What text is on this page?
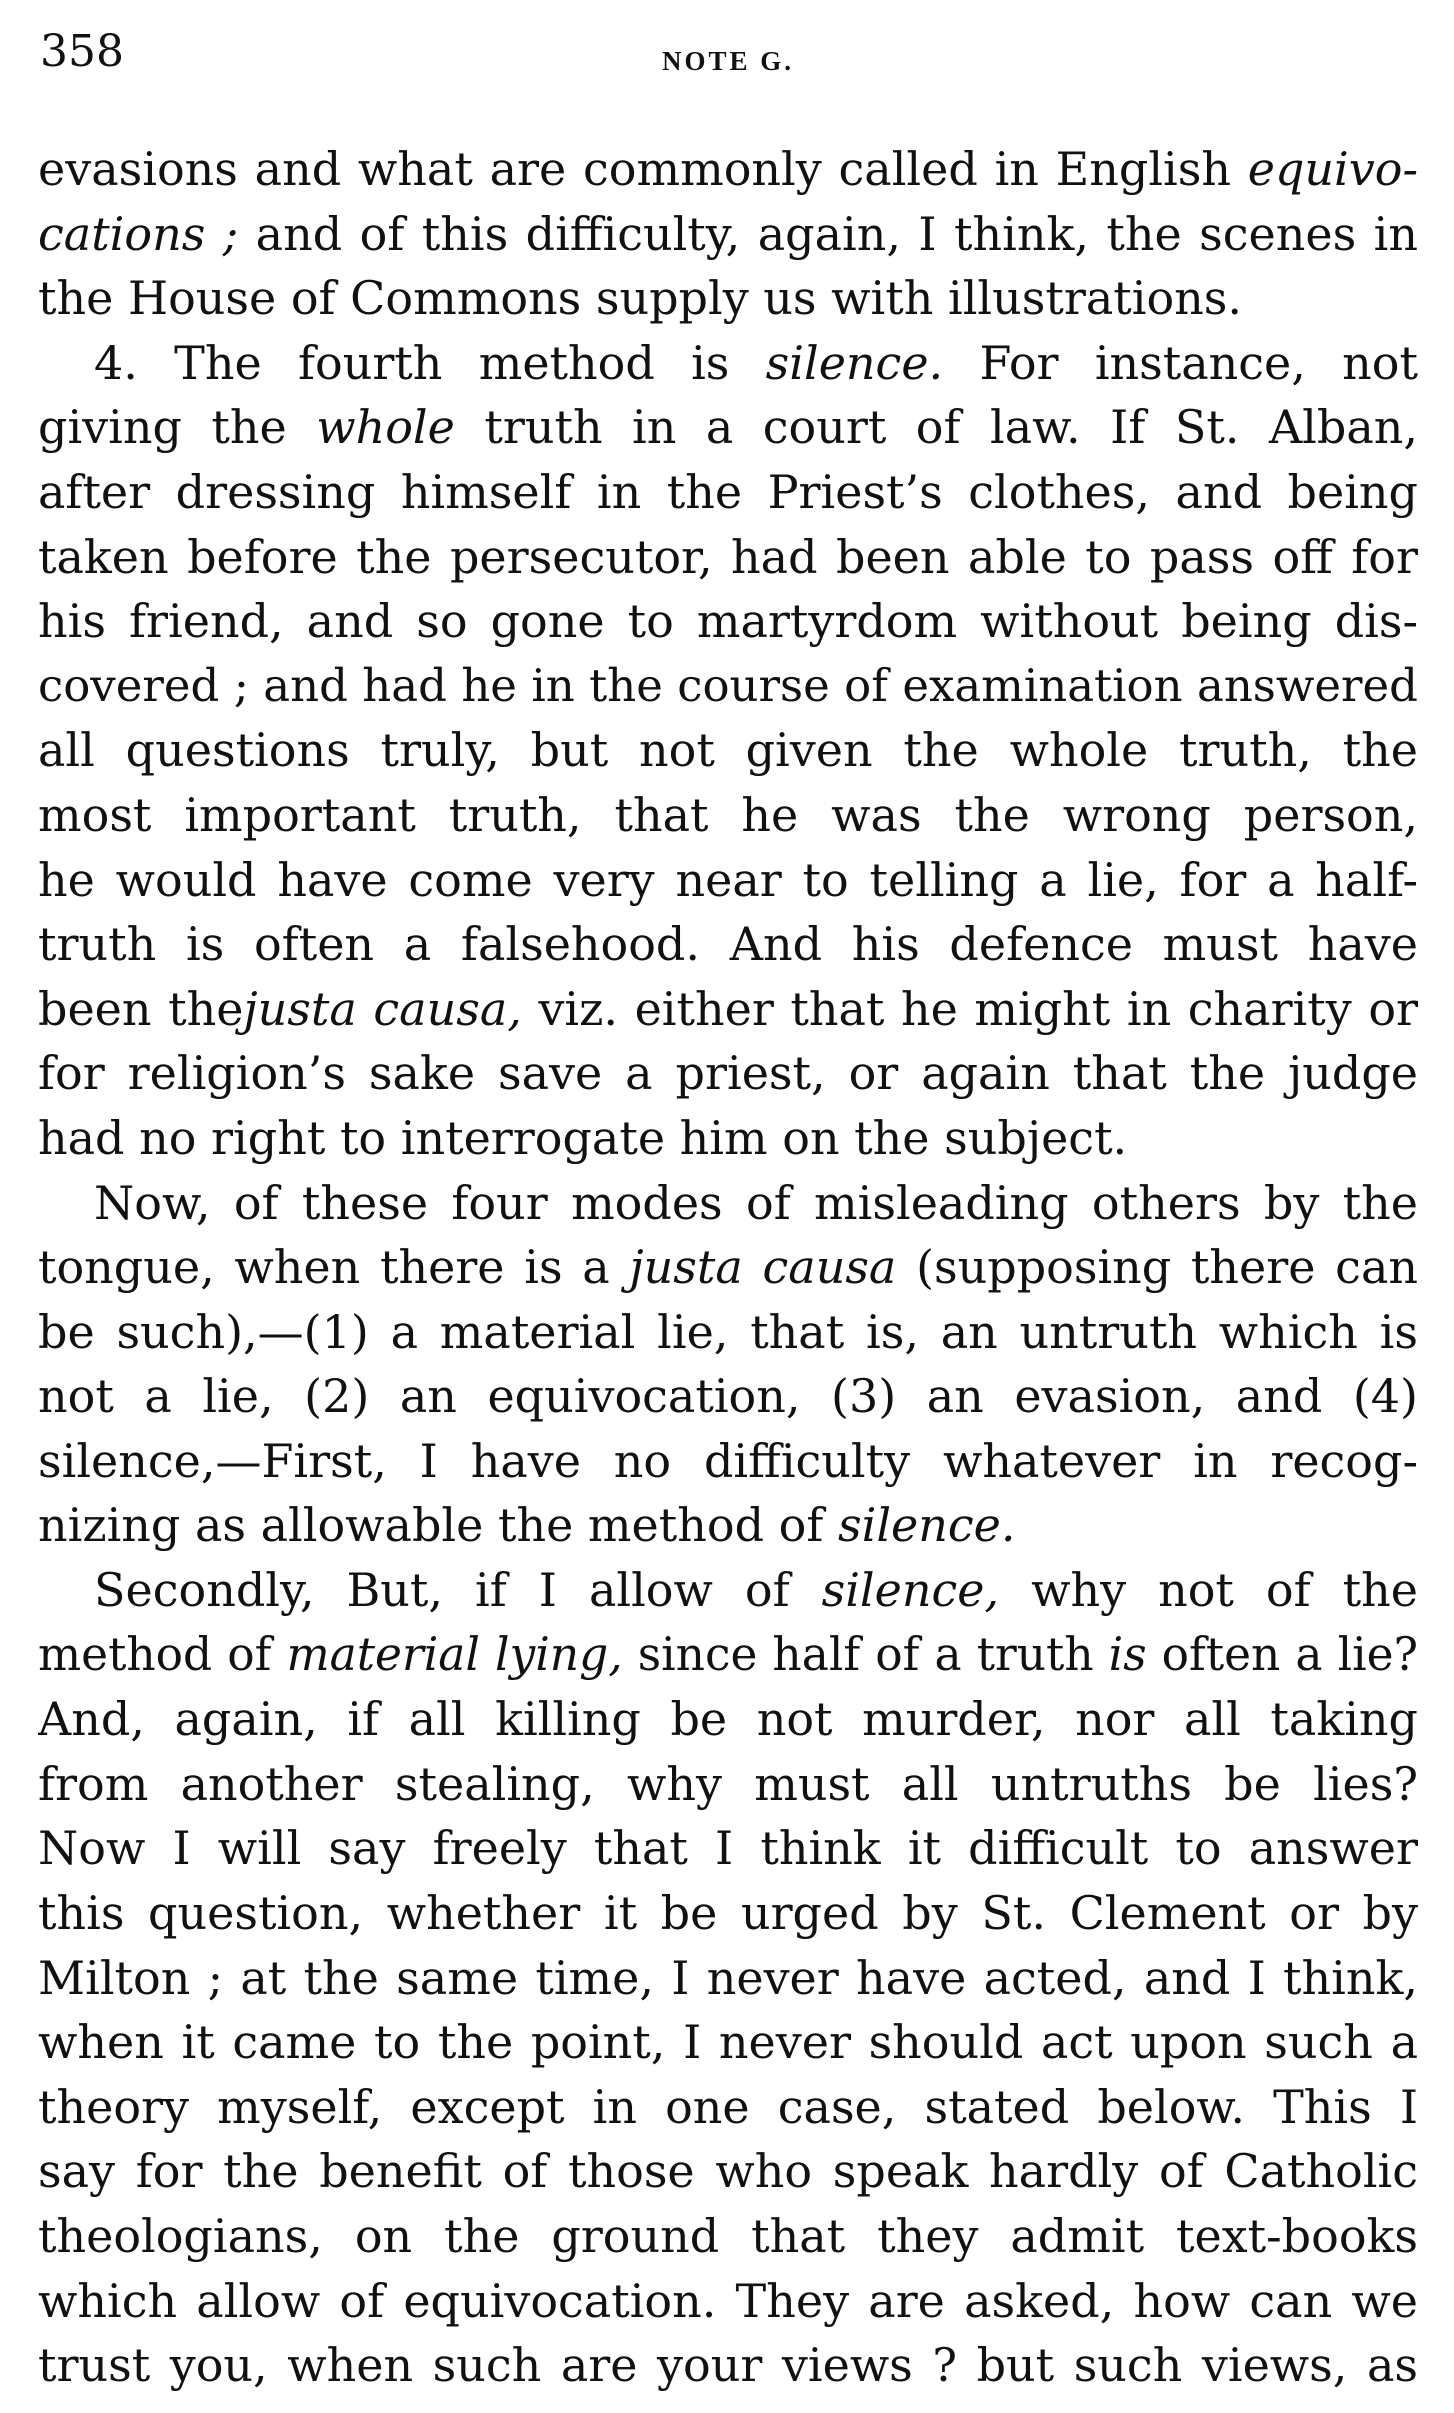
358	NOTE G.
evasions and what are commonly called in English equivo-
cations ; and of this difficulty, again, I think, the scenes in
the House of Commons supply us with illustrations.
4. The fourth method is silence. For instance, not
giving the whole truth in a court of law. If St. Alban,
after dressing himself in the Priest’s clothes, and being
taken before the persecutor, had been able to pass off for
his friend, and so gone to martyrdom without being dis-
covered ; and had he in the course of examination answered
all questions truly, but not given the whole truth, the
most important truth, that he was the wrong person,
he would have come very near to telling a lie, for a half-
truth is often a falsehood. And his defence must have
been thejusta causa, viz. either that he might in charity or
for religion’s sake save a priest, or again that the judge
had no right to interrogate him on the subject.
Now, of these four modes of misleading others by the
tongue, when there is a justa causa (supposing there can
be such),—(1) a material lie, that is, an untruth which is
not a lie, (2) an equivocation, (3) an evasion, and (4)
silence,—First, I have no difficulty whatever in recog-
nizing as allowable the method of silence.
Secondly, But, if I allow of silence, why not of the
method of material lying, since half of a truth is often a lie?
And, again, if all killing be not murder, nor all taking
from another stealing, why must all untruths be lies?
Now I will say freely that I think it difficult to answer
this question, whether it be urged by St. Clement or by
Milton ; at the same time, I never have acted, and I think,
when it came to the point, I never should act upon such a
theory myself, except in one case, stated below. This I
say for the benefit of those who speak hardly of Catholic
theologians, on the ground that they admit text-books
which allow of equivocation. They are asked, how can we
trust you, when such are your views ? but such views, as
